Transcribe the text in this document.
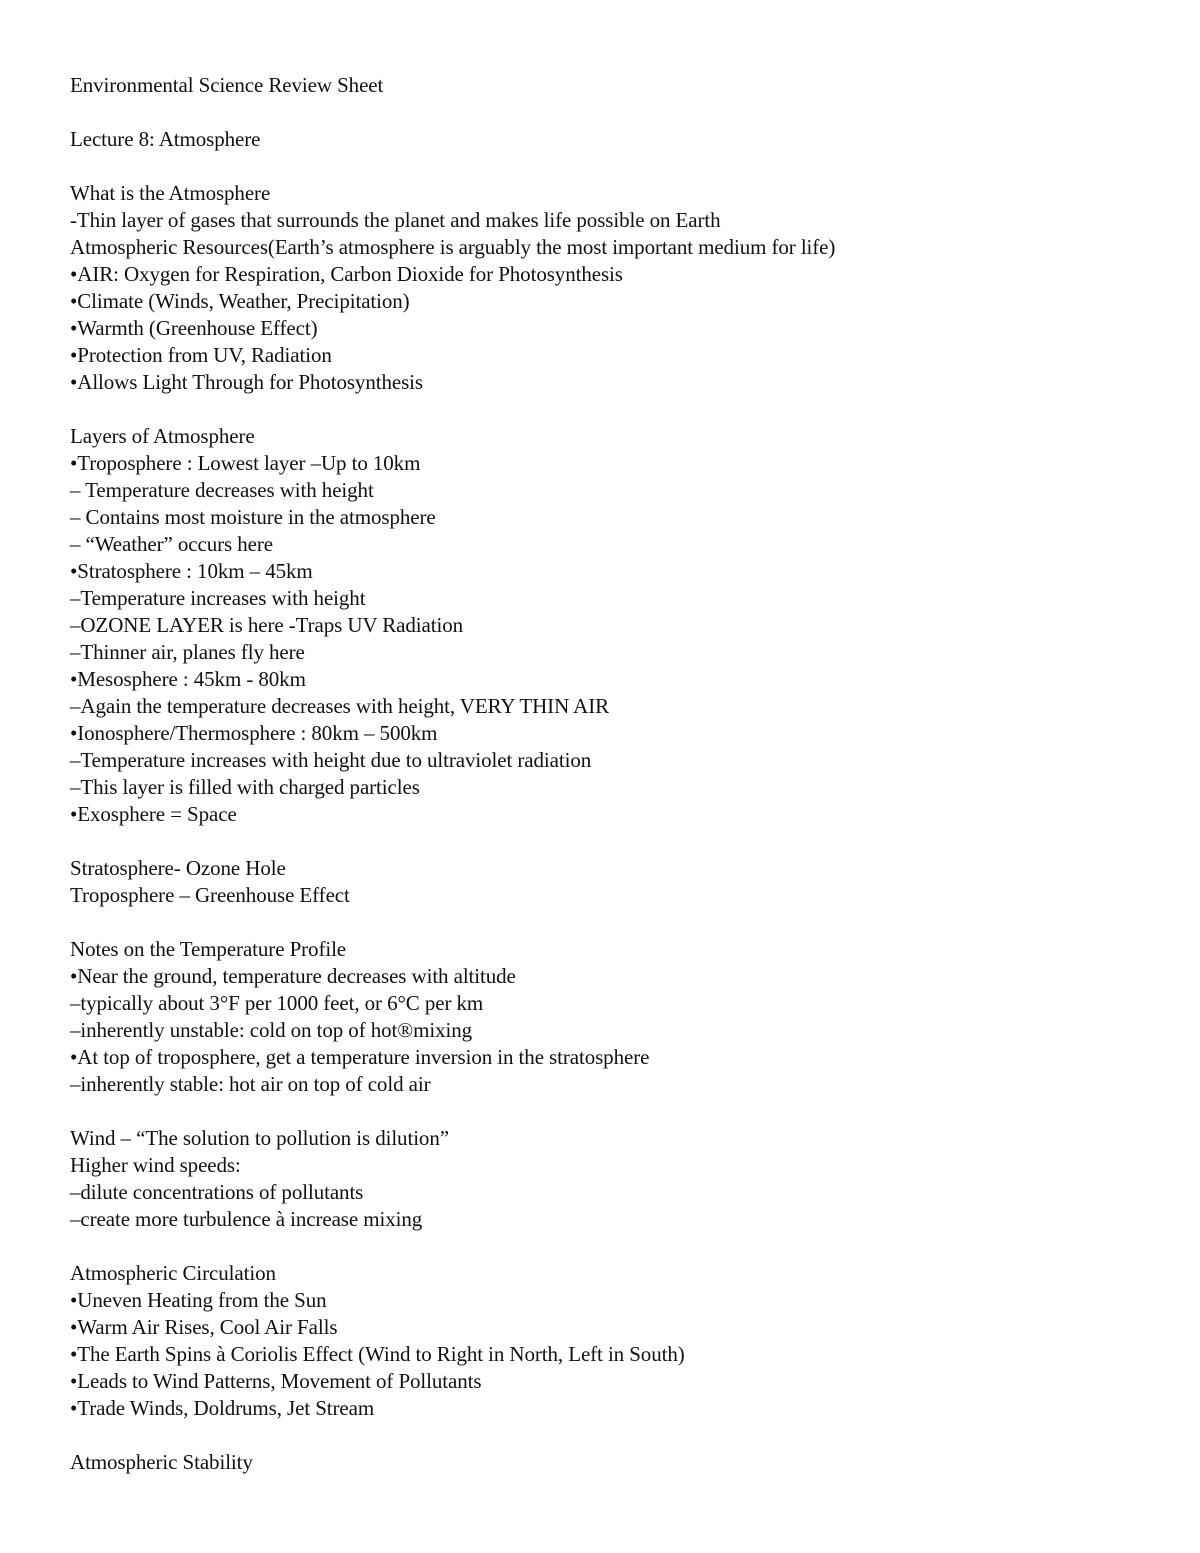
Environmental Science Review Sheet
Lecture 8: Atmosphere
What is the Atmosphere
-Thin layer of gases that surrounds the planet and makes life possible on Earth
Atmospheric Resources(Earth’s atmosphere is arguably the most important medium for life)
•AIR: Oxygen for Respiration, Carbon Dioxide for Photosynthesis
•Climate (Winds, Weather, Precipitation)
•Warmth (Greenhouse Effect)
•Protection from UV, Radiation
•Allows Light Through for Photosynthesis
Layers of Atmosphere
•Troposphere : Lowest layer –Up to 10km
– Temperature decreases with height
– Contains most moisture in the atmosphere
– “Weather” occurs here
•Stratosphere : 10km – 45km
–Temperature increases with height
–OZONE LAYER is here -Traps UV Radiation
–Thinner air, planes fly here
•Mesosphere : 45km - 80km
–Again the temperature decreases with height, VERY THIN AIR
•Ionosphere/Thermosphere : 80km – 500km
–Temperature increases with height due to ultraviolet radiation
–This layer is filled with charged particles
•Exosphere = Space
Stratosphere- Ozone Hole
Troposphere – Greenhouse Effect
Notes on the Temperature Profile
•Near the ground, temperature decreases with altitude
–typically about 3°F per 1000 feet, or 6°C per km
–inherently unstable: cold on top of hot®mixing
•At top of troposphere, get a temperature inversion in the stratosphere
–inherently stable: hot air on top of cold air
Wind – “The solution to pollution is dilution”
Higher wind speeds:
–dilute concentrations of pollutants
–create more turbulence à increase mixing
Atmospheric Circulation
•Uneven Heating from the Sun
•Warm Air Rises, Cool Air Falls
•The Earth Spins à Coriolis Effect (Wind to Right in North, Left in South)
•Leads to Wind Patterns, Movement of Pollutants
•Trade Winds, Doldrums, Jet Stream
Atmospheric Stability
